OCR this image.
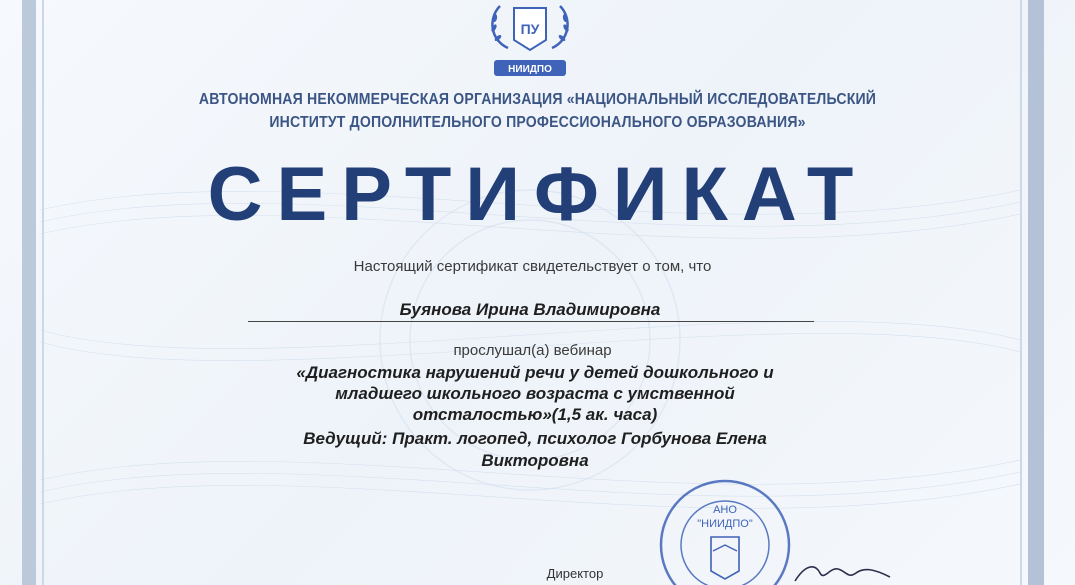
ПУ
НИИДПО
АВТОНОМНАЯ НЕКОММЕРЧЕСКАЯ ОРГАНИЗАЦИЯ «НАЦИОНАЛЬНЫЙ ИССЛЕДОВАТЕЛЬСКИЙ
ИНСТИТУТ ДОПОЛНИТЕЛЬНОГО ПРОФЕССИОНАЛЬНОГО ОБРАЗОВАНИЯ»
СЕРТИФИКАТ
Настоящий сертификат свидетельствует о том, что
Буянова Ирина Владимировна
прослушал(а) вебинар
«Диагностика нарушений речи у детей дошкольного и
младшего школьного возраста с умственной
отсталостью»(1,5 ак. часа)
Ведущий: Практ. логопед, психолог Горбунова Елена
Викторовна
АНО
"НИИДПО"
Директор
